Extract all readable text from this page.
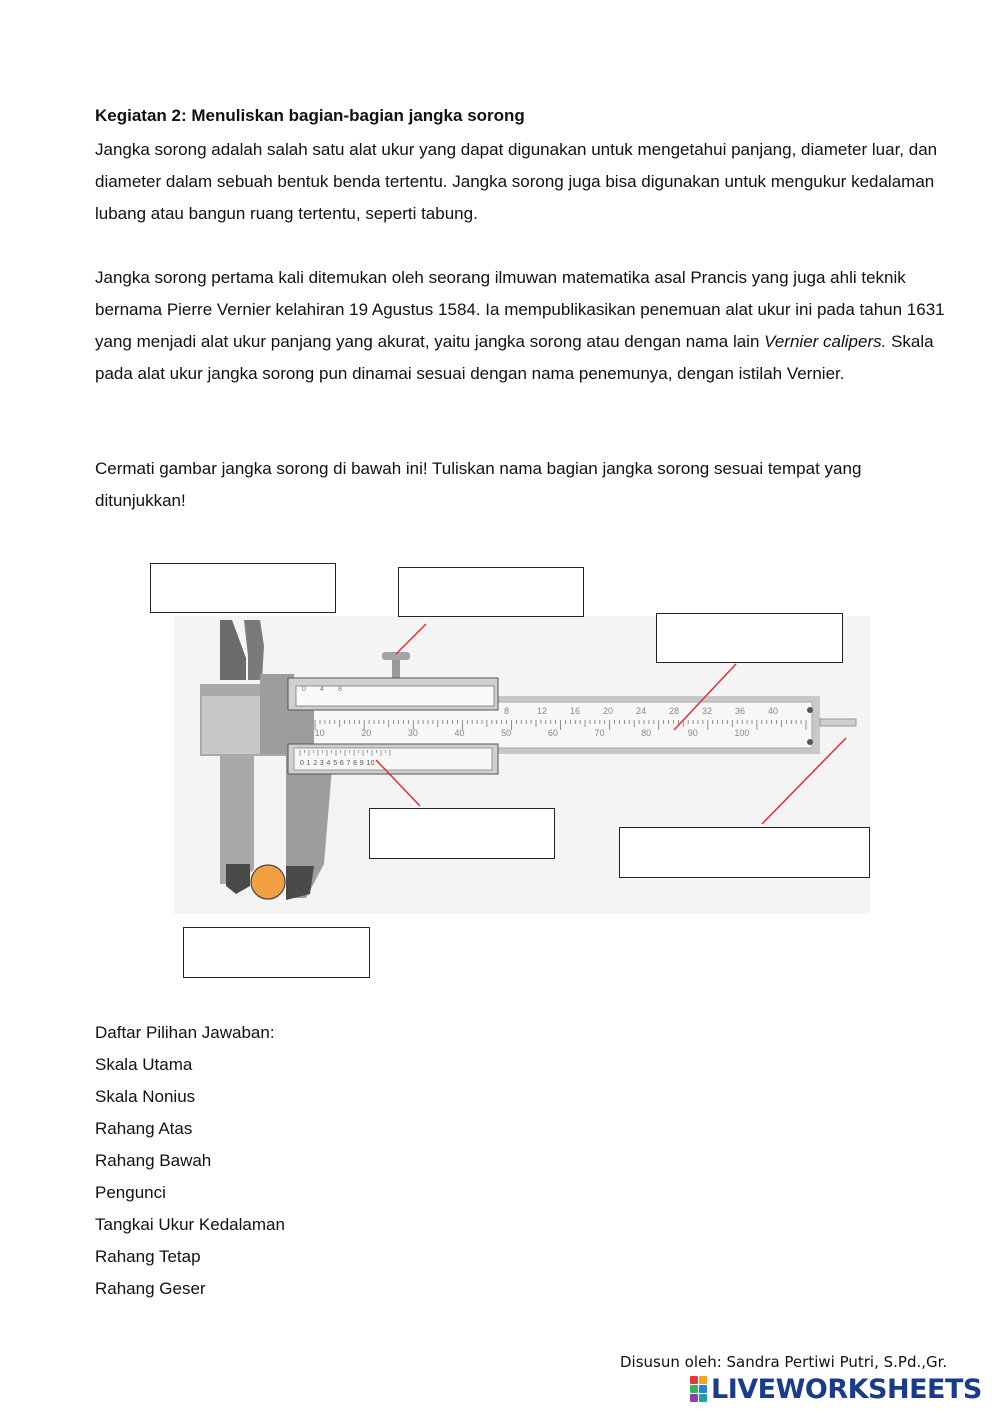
Kegiatan 2: Menuliskan bagian-bagian jangka sorong
Jangka sorong adalah salah satu alat ukur yang dapat digunakan untuk mengetahui panjang, diameter luar, dan diameter dalam sebuah bentuk benda tertentu. Jangka sorong juga bisa digunakan untuk mengukur kedalaman lubang atau bangun ruang tertentu, seperti tabung.
Jangka sorong pertama kali ditemukan oleh seorang ilmuwan matematika asal Prancis yang juga ahli teknik bernama Pierre Vernier kelahiran 19 Agustus 1584. Ia mempublikasikan penemuan alat ukur ini pada tahun 1631 yang menjadi alat ukur panjang yang akurat, yaitu jangka sorong atau dengan nama lain Vernier calipers. Skala pada alat ukur jangka sorong pun dinamai sesuai dengan nama penemunya, dengan istilah Vernier.
Cermati gambar jangka sorong di bawah ini! Tuliskan nama bagian jangka sorong sesuai tempat yang ditunjukkan!
10	20	30	40	50	60	70	80	90	100
8	12	16	20	24	28	32	36	40
0 4 8
0 1 2 3 4 5 6 7 8 9 10
Daftar Pilihan Jawaban:
Skala Utama
Skala Nonius
Rahang Atas
Rahang Bawah
Pengunci
Tangkai Ukur Kedalaman
Rahang Tetap
Rahang Geser
Disusun oleh: Sandra Pertiwi Putri, S.Pd.,Gr.
LIVEWORKSHEETS
